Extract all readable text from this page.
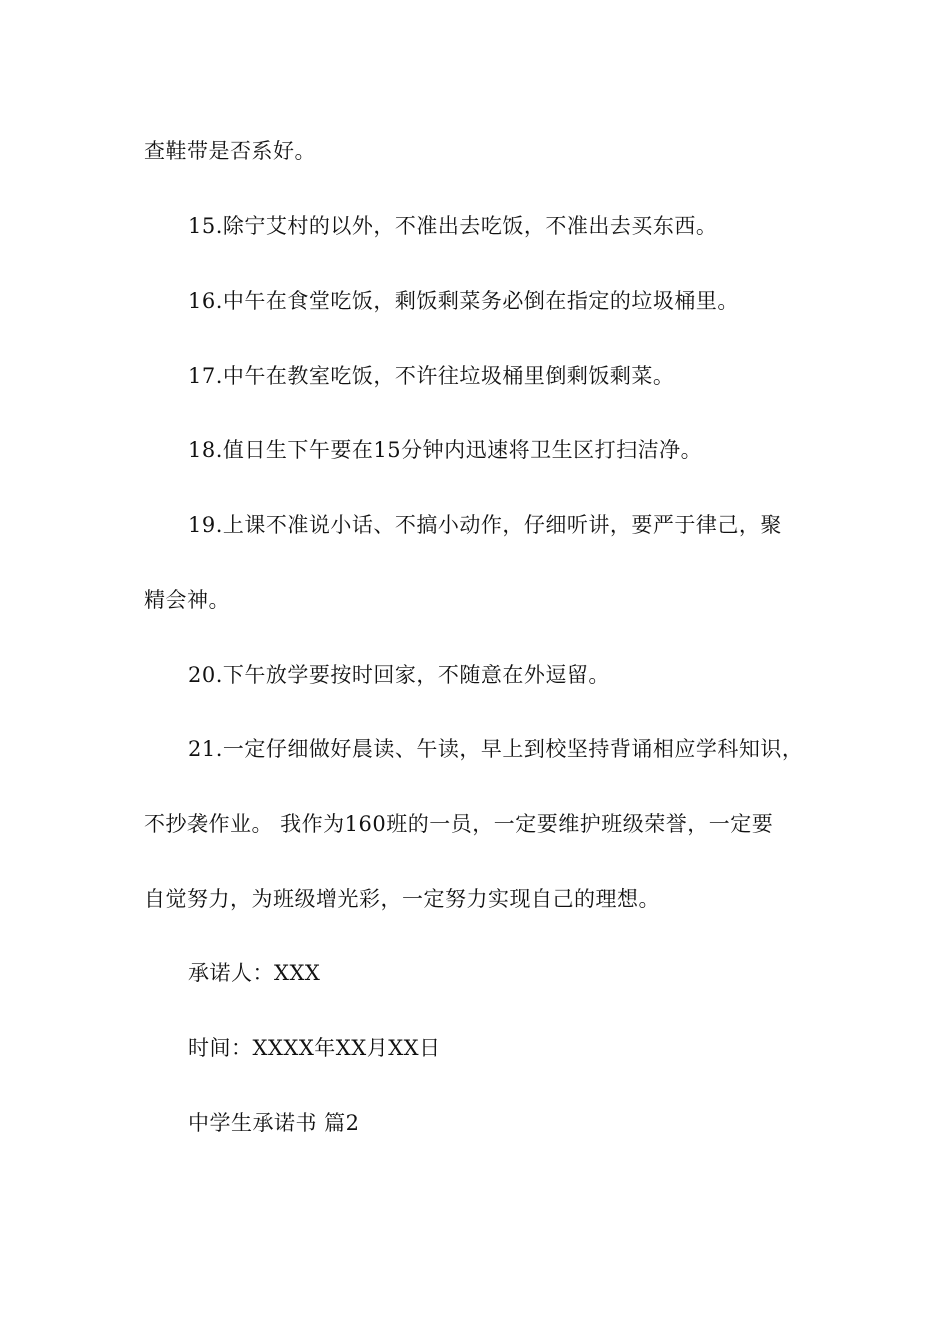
查鞋带是否系好。
15.除宁艾村的以外，不准出去吃饭，不准出去买东西。
16.中午在食堂吃饭，剩饭剩菜务必倒在指定的垃圾桶里。
17.中午在教室吃饭，不许往垃圾桶里倒剩饭剩菜。
18.值日生下午要在15分钟内迅速将卫生区打扫洁净。
19.上课不准说小话、不搞小动作，仔细听讲，要严于律己，聚
精会神。
20.下午放学要按时回家，不随意在外逗留。
21.一定仔细做好晨读、午读，早上到校坚持背诵相应学科知识，
不抄袭作业。 我作为160班的一员，一定要维护班级荣誉，一定要
自觉努力，为班级增光彩，一定努力实现自己的理想。
承诺人：XXX
时间：XXXX年XX月XX日
中学生承诺书 篇2
